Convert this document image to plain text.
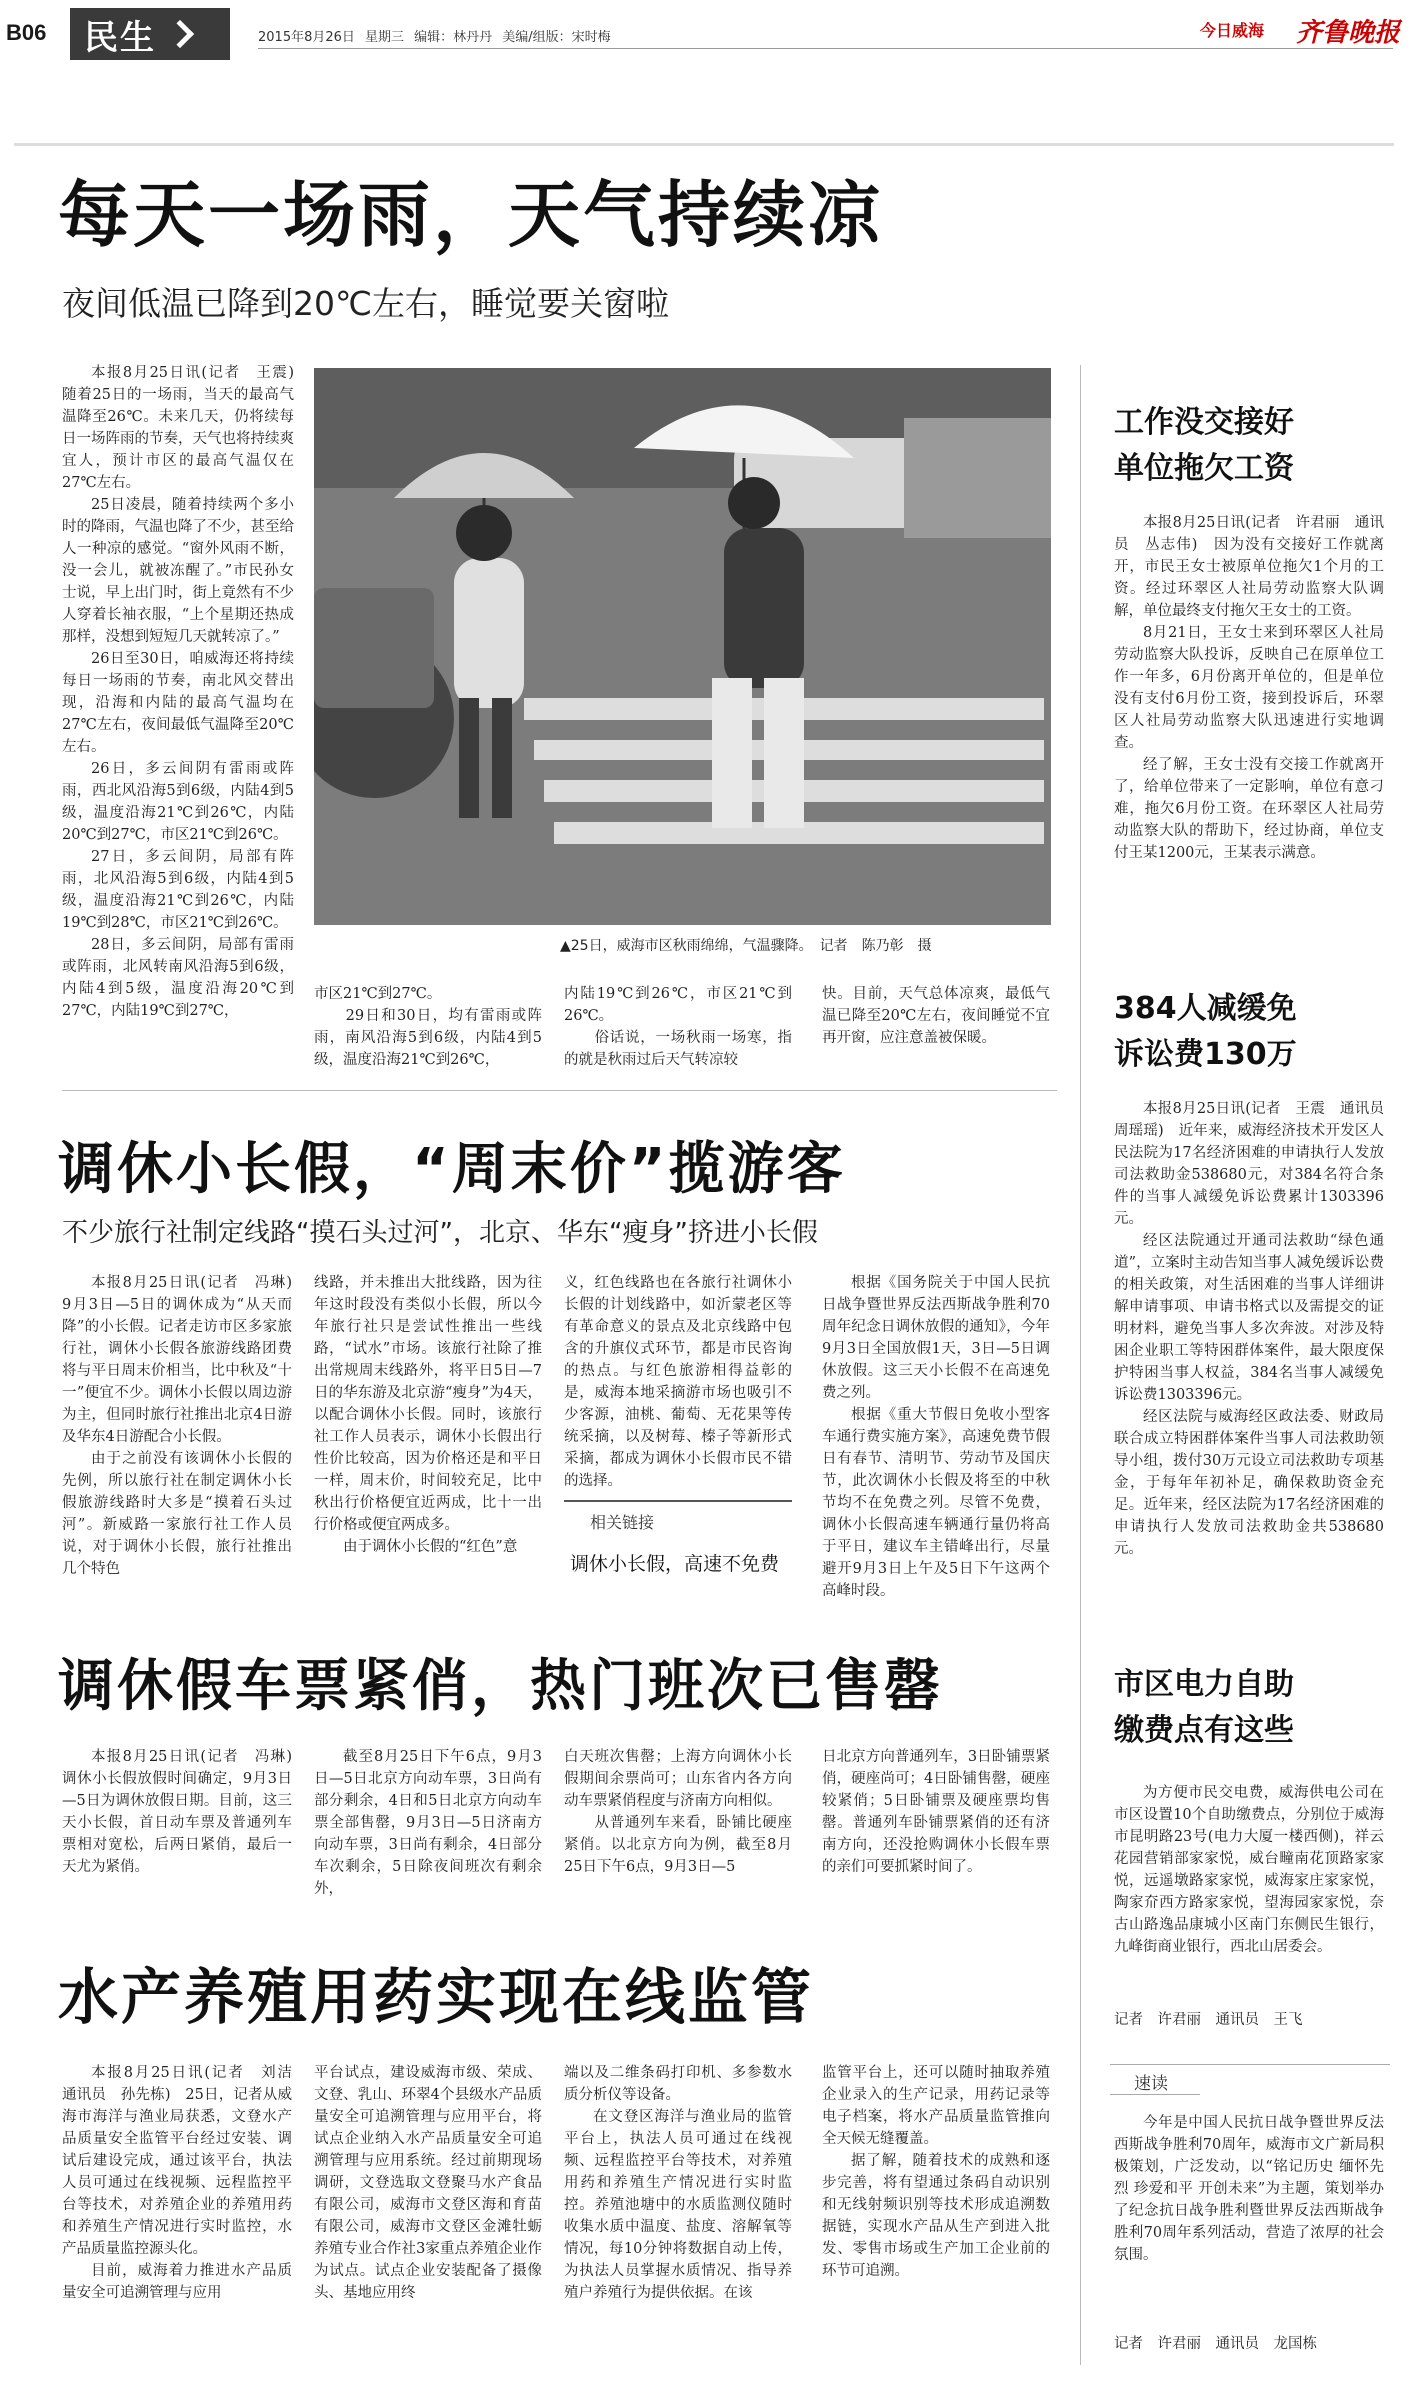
B06 民生	2015年8月26日 星期三 编辑：林丹丹 美编/组版：宋时梅	今日威海 齐鲁晚报
每天一场雨，天气持续凉
夜间低温已降到20℃左右，睡觉要关窗啦

本报8月25日讯(记者　王震)　随着25日的一场雨，当天的最高气温降至26℃。未来几天，仍将续每日一场阵雨的节奏，天气也将持续爽宜人，预计市区的最高气温仅在27℃左右。

25日凌晨，随着持续两个多小时的降雨，气温也降了不少，甚至给人一种凉的感觉。“窗外风雨不断，没一会儿，就被冻醒了。”市民孙女士说，早上出门时，街上竟然有不少人穿着长袖衣服，“上个星期还热成那样，没想到短短几天就转凉了。”

26日至30日，咱威海还将持续每日一场雨的节奏，南北风交替出现，沿海和内陆的最高气温均在27℃左右，夜间最低气温降至20℃左右。

26日，多云间阴有雷雨或阵雨，西北风沿海5到6级，内陆4到5级，温度沿海21℃到26℃，内陆20℃到27℃，市区21℃到26℃。

27日，多云间阴，局部有阵雨，北风沿海5到6级，内陆4到5级，温度沿海21℃到26℃，内陆19℃到28℃，市区21℃到26℃。

28日，多云间阴，局部有雷雨或阵雨，北风转南风沿海5到6级，内陆4到5级，温度沿海20℃到27℃，内陆19℃到27℃，

▲25日，威海市区秋雨绵绵，气温骤降。　记者　陈乃彰　摄

市区21℃到27℃。
　　29日和30日，均有雷雨或阵雨，南风沿海5到6级，内陆4到5级，温度沿海21℃到26℃，

内陆19℃到26℃，市区21℃到26℃。
　　俗话说，一场秋雨一场寒，指的就是秋雨过后天气转凉较

快。目前，天气总体凉爽，最低气温已降至20℃左右，夜间睡觉不宜再开窗，应注意盖被保暖。

工作没交接好
单位拖欠工资

本报8月25日讯(记者　许君丽　通讯员　丛志伟)　因为没有交接好工作就离开，市民王女士被原单位拖欠1个月的工资。经过环翠区人社局劳动监察大队调解，单位最终支付拖欠王女士的工资。

8月21日，王女士来到环翠区人社局劳动监察大队投诉，反映自己在原单位工作一年多，6月份离开单位的，但是单位没有支付6月份工资，接到投诉后，环翠区人社局劳动监察大队迅速进行实地调查。

经了解，王女士没有交接工作就离开了，给单位带来了一定影响，单位有意刁难，拖欠6月份工资。在环翠区人社局劳动监察大队的帮助下，经过协商，单位支付王某1200元，王某表示满意。

384人减缓免
诉讼费130万

本报8月25日讯(记者　王震　通讯员　周瑶瑶)　近年来，威海经济技术开发区人民法院为17名经济困难的申请执行人发放司法救助金538680元，对384名符合条件的当事人减缓免诉讼费累计1303396元。

经区法院通过开通司法救助“绿色通道”，立案时主动告知当事人减免缓诉讼费的相关政策，对生活困难的当事人详细讲解申请事项、申请书格式以及需提交的证明材料，避免当事人多次奔波。对涉及特困企业职工等特困群体案件，最大限度保护特困当事人权益，384名当事人减缓免诉讼费1303396元。

经区法院与威海经区政法委、财政局联合成立特困群体案件当事人司法救助领导小组，拨付30万元设立司法救助专项基金，于每年年初补足，确保救助资金充足。近年来，经区法院为17名经济困难的申请执行人发放司法救助金共538680元。

调休小长假，“周末价”揽游客
不少旅行社制定线路“摸石头过河”，北京、华东“瘦身”挤进小长假

本报8月25日讯(记者　冯琳)　9月3日—5日的调休成为“从天而降”的小长假。记者走访市区多家旅行社，调休小长假各旅游线路团费将与平日周末价相当，比中秋及“十一”便宜不少。调休小长假以周边游为主，但同时旅行社推出北京4日游及华东4日游配合小长假。

由于之前没有该调休小长假的先例，所以旅行社在制定调休小长假旅游线路时大多是“摸着石头过河”。新威路一家旅行社工作人员说，对于调休小长假，旅行社推出几个特色

线路，并未推出大批线路，因为往年这时段没有类似小长假，所以今年旅行社只是尝试性推出一些线路，“试水”市场。该旅行社除了推出常规周末线路外，将平日5日—7日的华东游及北京游“瘦身”为4天，以配合调休小长假。同时，该旅行社工作人员表示，调休小长假出行性价比较高，因为价格还是和平日一样，周末价，时间较充足，比中秋出行价格便宜近两成，比十一出行价格或便宜两成多。

由于调休小长假的“红色”意

义，红色线路也在各旅行社调休小长假的计划线路中，如沂蒙老区等有革命意义的景点及北京线路中包含的升旗仪式环节，都是市民咨询的热点。与红色旅游相得益彰的是，威海本地采摘游市场也吸引不少客源，油桃、葡萄、无花果等传统采摘，以及树莓、榛子等新形式采摘，都成为调休小长假市民不错的选择。

相关链接
调休小长假，高速不免费

根据《国务院关于中国人民抗日战争暨世界反法西斯战争胜利70周年纪念日调休放假的通知》，今年9月3日全国放假1天，3日—5日调休放假。这三天小长假不在高速免费之列。

根据《重大节假日免收小型客车通行费实施方案》，高速免费节假日有春节、清明节、劳动节及国庆节，此次调休小长假及将至的中秋节均不在免费之列。尽管不免费，调休小长假高速车辆通行量仍将高于平日，建议车主错峰出行，尽量避开9月3日上午及5日下午这两个高峰时段。

市区电力自助
缴费点有这些

为方便市民交电费，威海供电公司在市区设置10个自助缴费点，分别位于威海市昆明路23号(电力大厦一楼西侧)，祥云花园营销部家家悦，威台疃南花顶路家家悦，远遥墩路家家悦，威海家庄家家悦，陶家夼西方路家家悦，望海园家家悦，奈古山路逸品康城小区南门东侧民生银行，九峰街商业银行，西北山居委会。

记者　许君丽　通讯员　王飞
调休假车票紧俏，热门班次已售罄

本报8月25日讯(记者　冯琳)　调休小长假放假时间确定，9月3日—5日为调休放假日期。目前，这三天小长假，首日动车票及普通列车票相对宽松，后两日紧俏，最后一天尤为紧俏。

截至8月25日下午6点，9月3日—5日北京方向动车票，3日尚有部分剩余，4日和5日北京方向动车票全部售罄，9月3日—5日济南方向动车票，3日尚有剩余，4日部分车次剩余，5日除夜间班次有剩余外，

白天班次售罄；上海方向调休小长假期间余票尚可；山东省内各方向动车票紧俏程度与济南方向相似。
　　从普通列车来看，卧铺比硬座紧俏。以北京方向为例，截至8月25日下午6点，9月3日—5

日北京方向普通列车，3日卧铺票紧俏，硬座尚可；4日卧铺售罄，硬座较紧俏；5日卧铺票及硬座票均售罄。普通列车卧铺票紧俏的还有济南方向，还没抢购调休小长假车票的亲们可要抓紧时间了。

水产养殖用药实现在线监管

本报8月25日讯(记者　刘洁　通讯员　孙先栋)　25日，记者从威海市海洋与渔业局获悉，文登水产品质量安全监管平台经过安装、调试后建设完成，通过该平台，执法人员可通过在线视频、远程监控平台等技术，对养殖企业的养殖用药和养殖生产情况进行实时监控，水产品质量监控源头化。

目前，威海着力推进水产品质量安全可追溯管理与应用

平台试点，建设威海市级、荣成、文登、乳山、环翠4个县级水产品质量安全可追溯管理与应用平台，将试点企业纳入水产品质量安全可追溯管理与应用系统。经过前期现场调研，文登选取文登聚马水产食品有限公司，威海市文登区海和育苗有限公司，威海市文登区金滩牡蛎养殖专业合作社3家重点养殖企业作为试点。试点企业安装配备了摄像头、基地应用终

端以及二维条码打印机、多参数水质分析仪等设备。

在文登区海洋与渔业局的监管平台上，执法人员可通过在线视频、远程监控平台等技术，对养殖用药和养殖生产情况进行实时监控。养殖池塘中的水质监测仪随时收集水质中温度、盐度、溶解氧等情况，每10分钟将数据自动上传，为执法人员掌握水质情况、指导养殖户养殖行为提供依据。在该

监管平台上，还可以随时抽取养殖企业录入的生产记录，用药记录等电子档案，将水产品质量监管推向全天候无缝覆盖。

据了解，随着技术的成熟和逐步完善，将有望通过条码自动识别和无线射频识别等技术形成追溯数据链，实现水产品从生产到进入批发、零售市场或生产加工企业前的环节可追溯。

速读

今年是中国人民抗日战争暨世界反法西斯战争胜利70周年，威海市文广新局积极策划，广泛发动，以“铭记历史 缅怀先烈 珍爱和平 开创未来”为主题，策划举办了纪念抗日战争胜利暨世界反法西斯战争胜利70周年系列活动，营造了浓厚的社会氛围。

记者　许君丽　通讯员　龙国栋
